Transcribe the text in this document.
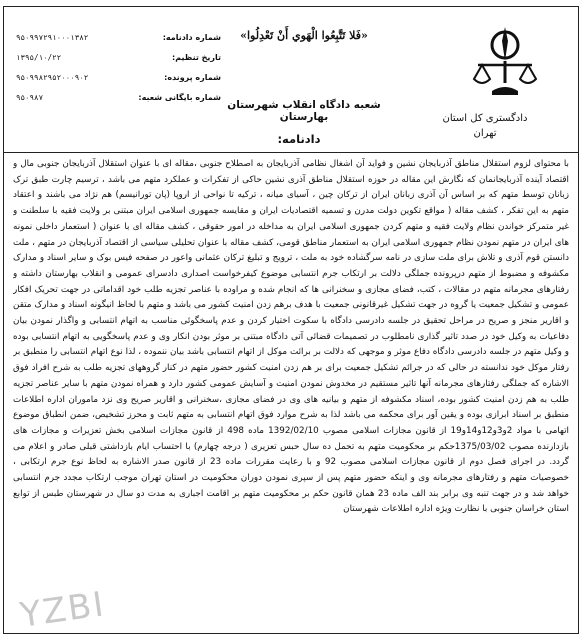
شماره دادنامه:
۹۵۰۹۹۷۲۹۱۰۰۰۱۳۸۲
تاریخ تنظیم:
۱۳۹۵/۱۰/۲۲
شماره پرونده:
۹۵۰۹۹۸۲۹۵۲۰۰۰۹۰۲
شماره بایگانی شعبه:
۹۵۰۹۸۷
«فَلا تَتَّبِعُوا الْهَوي أَنْ تَعْدِلُوا»
شعبه دادگاه انقلاب شهرستان بهارستان
دادنامه:
دادگستری کل استان
تهران
با محتوای لزوم استقلال مناطق آذربایجان نشین و فواید آن اشغال نظامی آذربایجان به اصطلاح جنوبی ،مقاله ای با عنوان استقلال آذربایجان جنوبی مال و اقتصاد آینده آذربایجانمان که نگارش این مقاله در حوزه استقلال مناطق آذری نشین حاکی از تفکرات و عملکرد متهم می باشد ، ترسیم چارت طبق ترک زبانان توسط متهم که بر اساس آن آذری زبانان ایران از ترکان چین ، آسیای میانه ، ترکیه تا نواحی از اروپا (پان تورانیسم) هم نژاد می باشند و اعتقاد متهم به این تفکر ، کشف مقاله ( مواقع تکوین دولت مدرن و تسمیه اقتصادیات ایران و مقایسه جمهوری اسلامی ایران مبتنی بر ولایت فقیه با سلطنت و غیر متمرکز خواندن نظام ولایت فقیه و متهم کردن جمهوری اسلامی ایران به مداخله در امور حقوقی ، کشف مقاله ای با عنوان ( استعمار داخلی نمونه های ایران در متهم نمودن نظام جمهوری اسلامی ایران به استعمار مناطق قومی، کشف مقاله با عنوان تحلیلی سیاسی از اقتصاد آذربایجان در متهم ، ملت دانستن قوم آذری و تلاش برای ملت سازی در نامه سرگشاده خود به ملت ، ترویج و تبلیغ ترکان عثمانی واعور در صفحه فیس بوک و سایر اسناد و مدارک مکشوفه و مضبوط از متهم درپرونده جملگی دلالت بر ارتکاب جرم انتسابی موضوع کیفرخواست اصداری دادسرای عمومی و انقلاب بهارستان داشته و رفتارهای مجرمانه متهم در مقالات ، کتب، فضای مجازی و سخنرانی ها که انجام شده و مراوده با عناصر تجزیه طلب خود اقداماتی در جهت تحریک افکار عمومی و تشکیل جمعیت یا گروه در جهت تشکیل غیرقانونی جمعیت با هدف برهم زدن امنیت کشور می باشد و متهم با لحاظ انیگونه اسناد و مدارک متقن و اقاریر منجز و صریح در مراحل تحقیق در جلسه دادرسی دادگاه با سکوت اختیار کردن و عدم پاسخگوئی مناسب به اتهام انتسابی و واگذار نمودن بیان دفاعیات به وکیل خود در صدد تاثیر گذاری نامطلوب در تصمیمات قضائی آتی دادگاه مبتنی بر موثر بودن انکار وی و عدم پاسخگویی به اتهام انتسابی بوده و وکیل متهم در جلسه دادرسی دادگاه دفاع موثر و موجهی که دلالت بر برائت موکل از اتهام انتسابی باشد بیان ننموده ، لذا نوع اتهام انتسابی را منطبق بر رفتار موکل خود ندانسته در حالی که در جرائم تشکیل جمعیت برای بر هم زدن امنیت کشور حضور متهم در کنار گروههای تجزیه طلب به شرح افراد فوق الاشاره که جملگی رفتارهای مجرمانه آنها تاثیر مستقیم در مخدوش نمودن امنیت و آسایش عمومی کشور دارد و همراه نمودن متهم با سایر عناصر تجزیه طلب به هم زدن امنیت کشور بوده، اسناد مکشوفه از متهم و بیانیه های وی در فضای مجازی ،سخنرانی و اقاریر صریح وی نزد ماموران اداره اطلاعات منطبق بر اسناد ابرازی بوده و یقین آور برای محکمه می باشد لذا به شرح موارد فوق اتهام انتسابی به متهم ثابت و محرز تشخیص، ضمن انطباق موضوع اتهامی با مواد 2و3و12و14و19 از قانون مجازات اسلامی مصوب 1392/02/10 ماده 498 از قانون مجازات اسلامی بخش تعزیرات و مجازات های بازدارنده مصوب 1375/03/02حکم بر محکومیت متهم به تحمل ده سال حبس تعزیری ( درجه چهارم) با احتساب ایام بازداشتی قبلی صادر و اعلام می گردد. در اجرای فصل دوم از قانون مجازات اسلامی مصوب 92 و با رعایت مقررات ماده 23 از قانون صدر الاشاره به لحاظ نوع جرم ارتکابی ، خصوصیات متهم و رفتارهای مجرمانه وی و اینکه حضور متهم پس از سپری نمودن دوران محکومیت در استان تهران موجب ارتکاب مجدد جرم انتسابی خواهد شد و در جهت تنبه وی برابر بند الف ماده 23 همان قانون حکم بر محکومیت متهم بر اقامت اجباری به مدت دو سال در شهرستان طبس از توابع استان خراسان جنوبی با نظارت ویژه اداره اطلاعات شهرستان
YZBI
